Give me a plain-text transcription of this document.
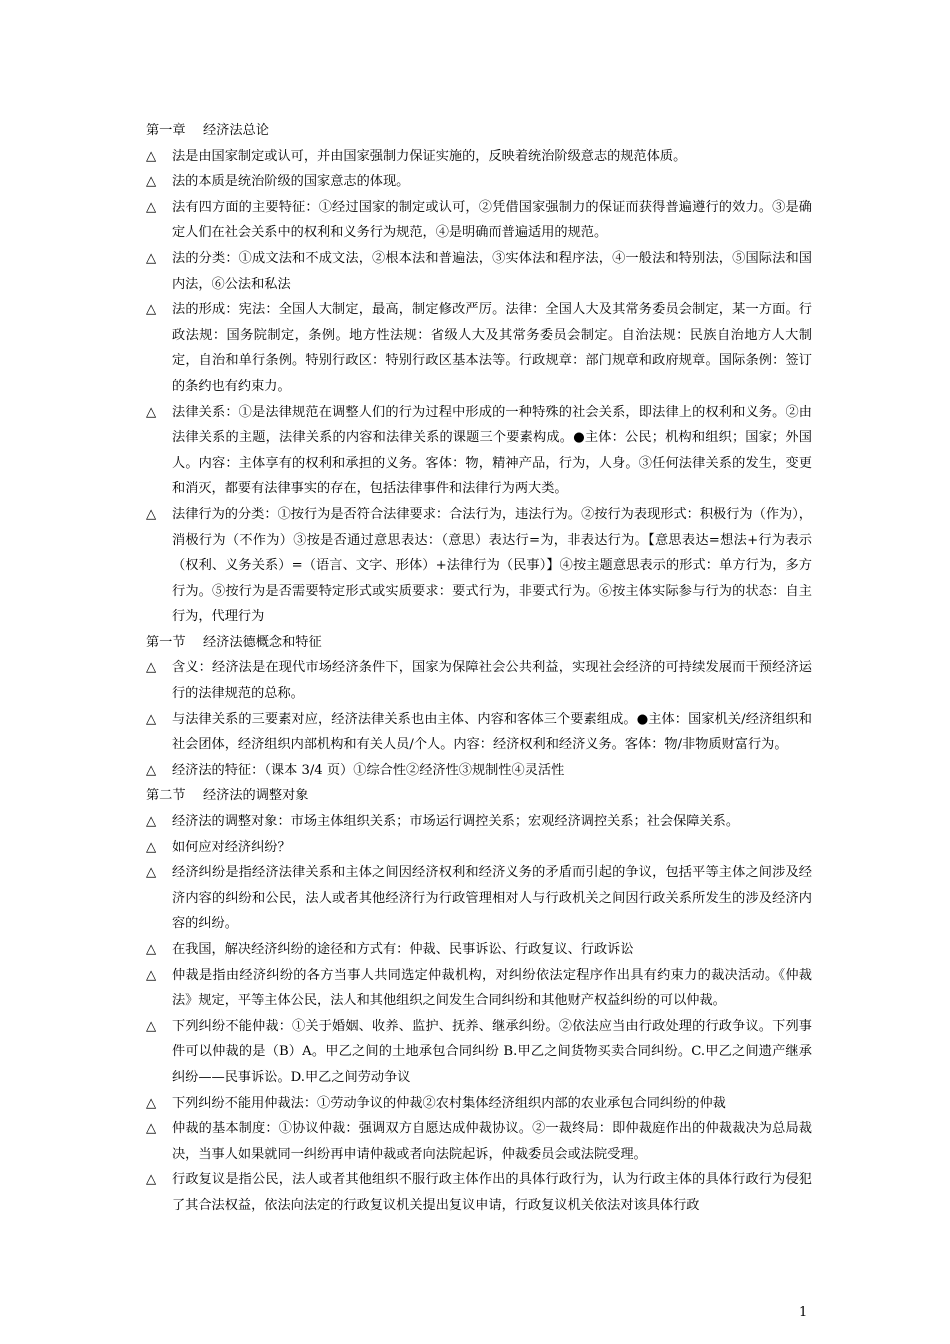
第一章　 经济法总论
△	法是由国家制定或认可，并由国家强制力保证实施的，反映着统治阶级意志的规范体质。
△	法的本质是统治阶级的国家意志的体现。
△	法有四方面的主要特征：①经过国家的制定或认可，②凭借国家强制力的保证而获得普遍遵行的效力。③是确定人们在社会关系中的权利和义务行为规范，④是明确而普遍适用的规范。
△	法的分类：①成文法和不成文法，②根本法和普遍法，③实体法和程序法，④一般法和特别法，⑤国际法和国内法，⑥公法和私法
△	法的形成：宪法：全国人大制定，最高，制定修改严厉。法律：全国人大及其常务委员会制定，某一方面。行政法规：国务院制定，条例。地方性法规：省级人大及其常务委员会制定。自治法规：民族自治地方人大制定，自治和单行条例。特别行政区：特别行政区基本法等。行政规章：部门规章和政府规章。国际条例：签订的条约也有约束力。
△	法律关系：①是法律规范在调整人们的行为过程中形成的一种特殊的社会关系，即法律上的权利和义务。②由法律关系的主题，法律关系的内容和法律关系的课题三个要素构成。●主体：公民；机构和组织；国家；外国人。内容：主体享有的权利和承担的义务。客体：物，精神产品，行为，人身。③任何法律关系的发生，变更和消灭，都要有法律事实的存在，包括法律事件和法律行为两大类。
△	法律行为的分类：①按行为是否符合法律要求：合法行为，违法行为。②按行为表现形式：积极行为（作为），消极行为（不作为）③按是否通过意思表达：（意思）表达行=为，非表达行为。【意思表达=想法+行为表示（权利、义务关系）=（语言、文字、形体）+法律行为（民事）】④按主题意思表示的形式：单方行为，多方行为。⑤按行为是否需要特定形式或实质要求：要式行为，非要式行为。⑥按主体实际参与行为的状态：自主行为，代理行为
第一节　 经济法德概念和特征
△	含义：经济法是在现代市场经济条件下，国家为保障社会公共利益，实现社会经济的可持续发展而干预经济运行的法律规范的总称。
△	与法律关系的三要素对应，经济法律关系也由主体、内容和客体三个要素组成。●主体：国家机关/经济组织和社会团体，经济组织内部机构和有关人员/个人。内容：经济权利和经济义务。客体：物/非物质财富行为。
△	经济法的特征：（课本 3/4 页）①综合性②经济性③规制性④灵活性
第二节　 经济法的调整对象
△	经济法的调整对象：市场主体组织关系；市场运行调控关系；宏观经济调控关系；社会保障关系。
△	如何应对经济纠纷？
△	经济纠纷是指经济法律关系和主体之间因经济权利和经济义务的矛盾而引起的争议，包括平等主体之间涉及经济内容的纠纷和公民，法人或者其他经济行为行政管理相对人与行政机关之间因行政关系所发生的涉及经济内容的纠纷。
△	在我国，解决经济纠纷的途径和方式有：仲裁、民事诉讼、行政复议、行政诉讼
△	仲裁是指由经济纠纷的各方当事人共同选定仲裁机构，对纠纷依法定程序作出具有约束力的裁决活动。《仲裁法》规定，平等主体公民，法人和其他组织之间发生合同纠纷和其他财产权益纠纷的可以仲裁。
△	下列纠纷不能仲裁：①关于婚姻、收养、监护、抚养、继承纠纷。②依法应当由行政处理的行政争议。下列事件可以仲裁的是（B）A。甲乙之间的土地承包合同纠纷 B.甲乙之间货物买卖合同纠纷。C.甲乙之间遗产继承纠纷——民事诉讼。D.甲乙之间劳动争议
△	下列纠纷不能用仲裁法：①劳动争议的仲裁②农村集体经济组织内部的农业承包合同纠纷的仲裁
△	仲裁的基本制度：①协议仲裁：强调双方自愿达成仲裁协议。②一裁终局：即仲裁庭作出的仲裁裁决为总局裁决，当事人如果就同一纠纷再申请仲裁或者向法院起诉，仲裁委员会或法院受理。
△	行政复议是指公民，法人或者其他组织不服行政主体作出的具体行政行为，认为行政主体的具体行政行为侵犯了其合法权益，依法向法定的行政复议机关提出复议申请，行政复议机关依法对该具体行政
1
